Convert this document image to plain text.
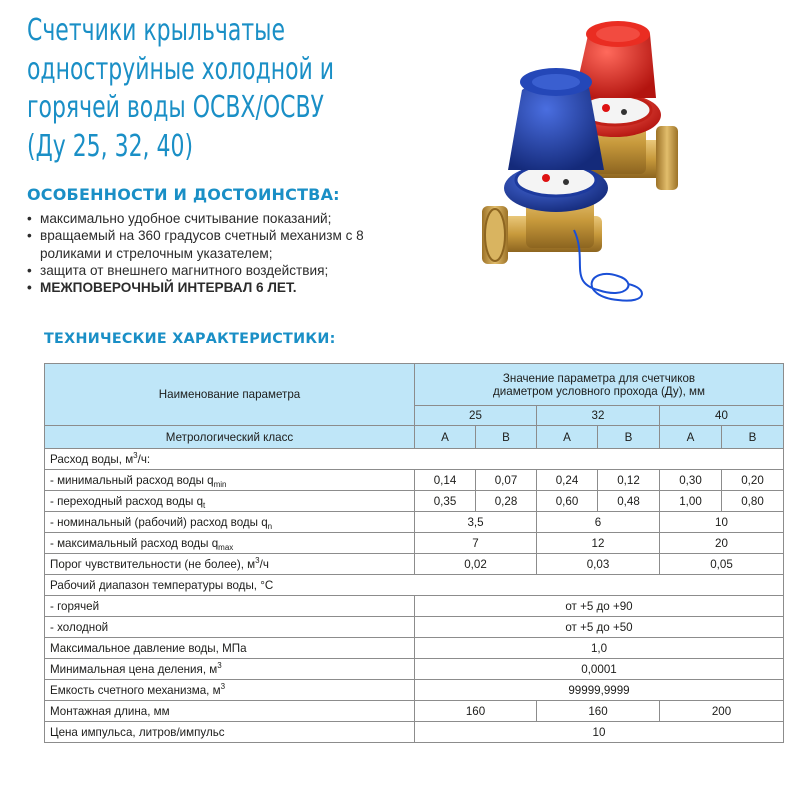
Счетчики крыльчатые
одноструйные холодной и
горячей воды ОСВХ/ОСВУ
(Ду 25, 32, 40)
ОСОБЕННОСТИ И ДОСТОИНСТВА:
• максимально удобное считывание показаний;
• вращаемый на 360 градусов счетный механизм с 8 роликами и стрелочным указателем;
• защита от внешнего магнитного воздействия;
• МЕЖПОВЕРОЧНЫЙ ИНТЕРВАЛ 6 ЛЕТ.
ТЕХНИЧЕСКИЕ ХАРАКТЕРИСТИКИ:
Наименование параметра	Значение параметра для счетчиков
диаметром условного прохода (Ду), мм					

	25		32		40	
Метрологический класс	А	В	А	В	А	В
Расход воды, $м^3/ч$:						
- минимальный расход воды $q_{min}$	0,14	0,07	0,24	0,12	0,30	0,20
- переходный расход воды $q_t$	0,35	0,28	0,60	0,48	1,00	0,80
- номинальный (рабочий) расход воды $q_n$	3,5		6		10	
- максимальный расход воды $q_{max}$	7		12		20	
Порог чувствительности (не более), $м^3/ч$	0,02		0,03		0,05	
Рабочий диапазон температуры воды, °С						
- горячей	от +5 до +90					
- холодной	от +5 до +50					
Максимальное давление воды, МПа	1,0					
Минимальная цена деления, $м^3$	0,0001					
Емкость счетного механизма, $м^3$	99999,9999					
Монтажная длина, мм	160		160		200	
Цена импульса, литров/импульс	10					
